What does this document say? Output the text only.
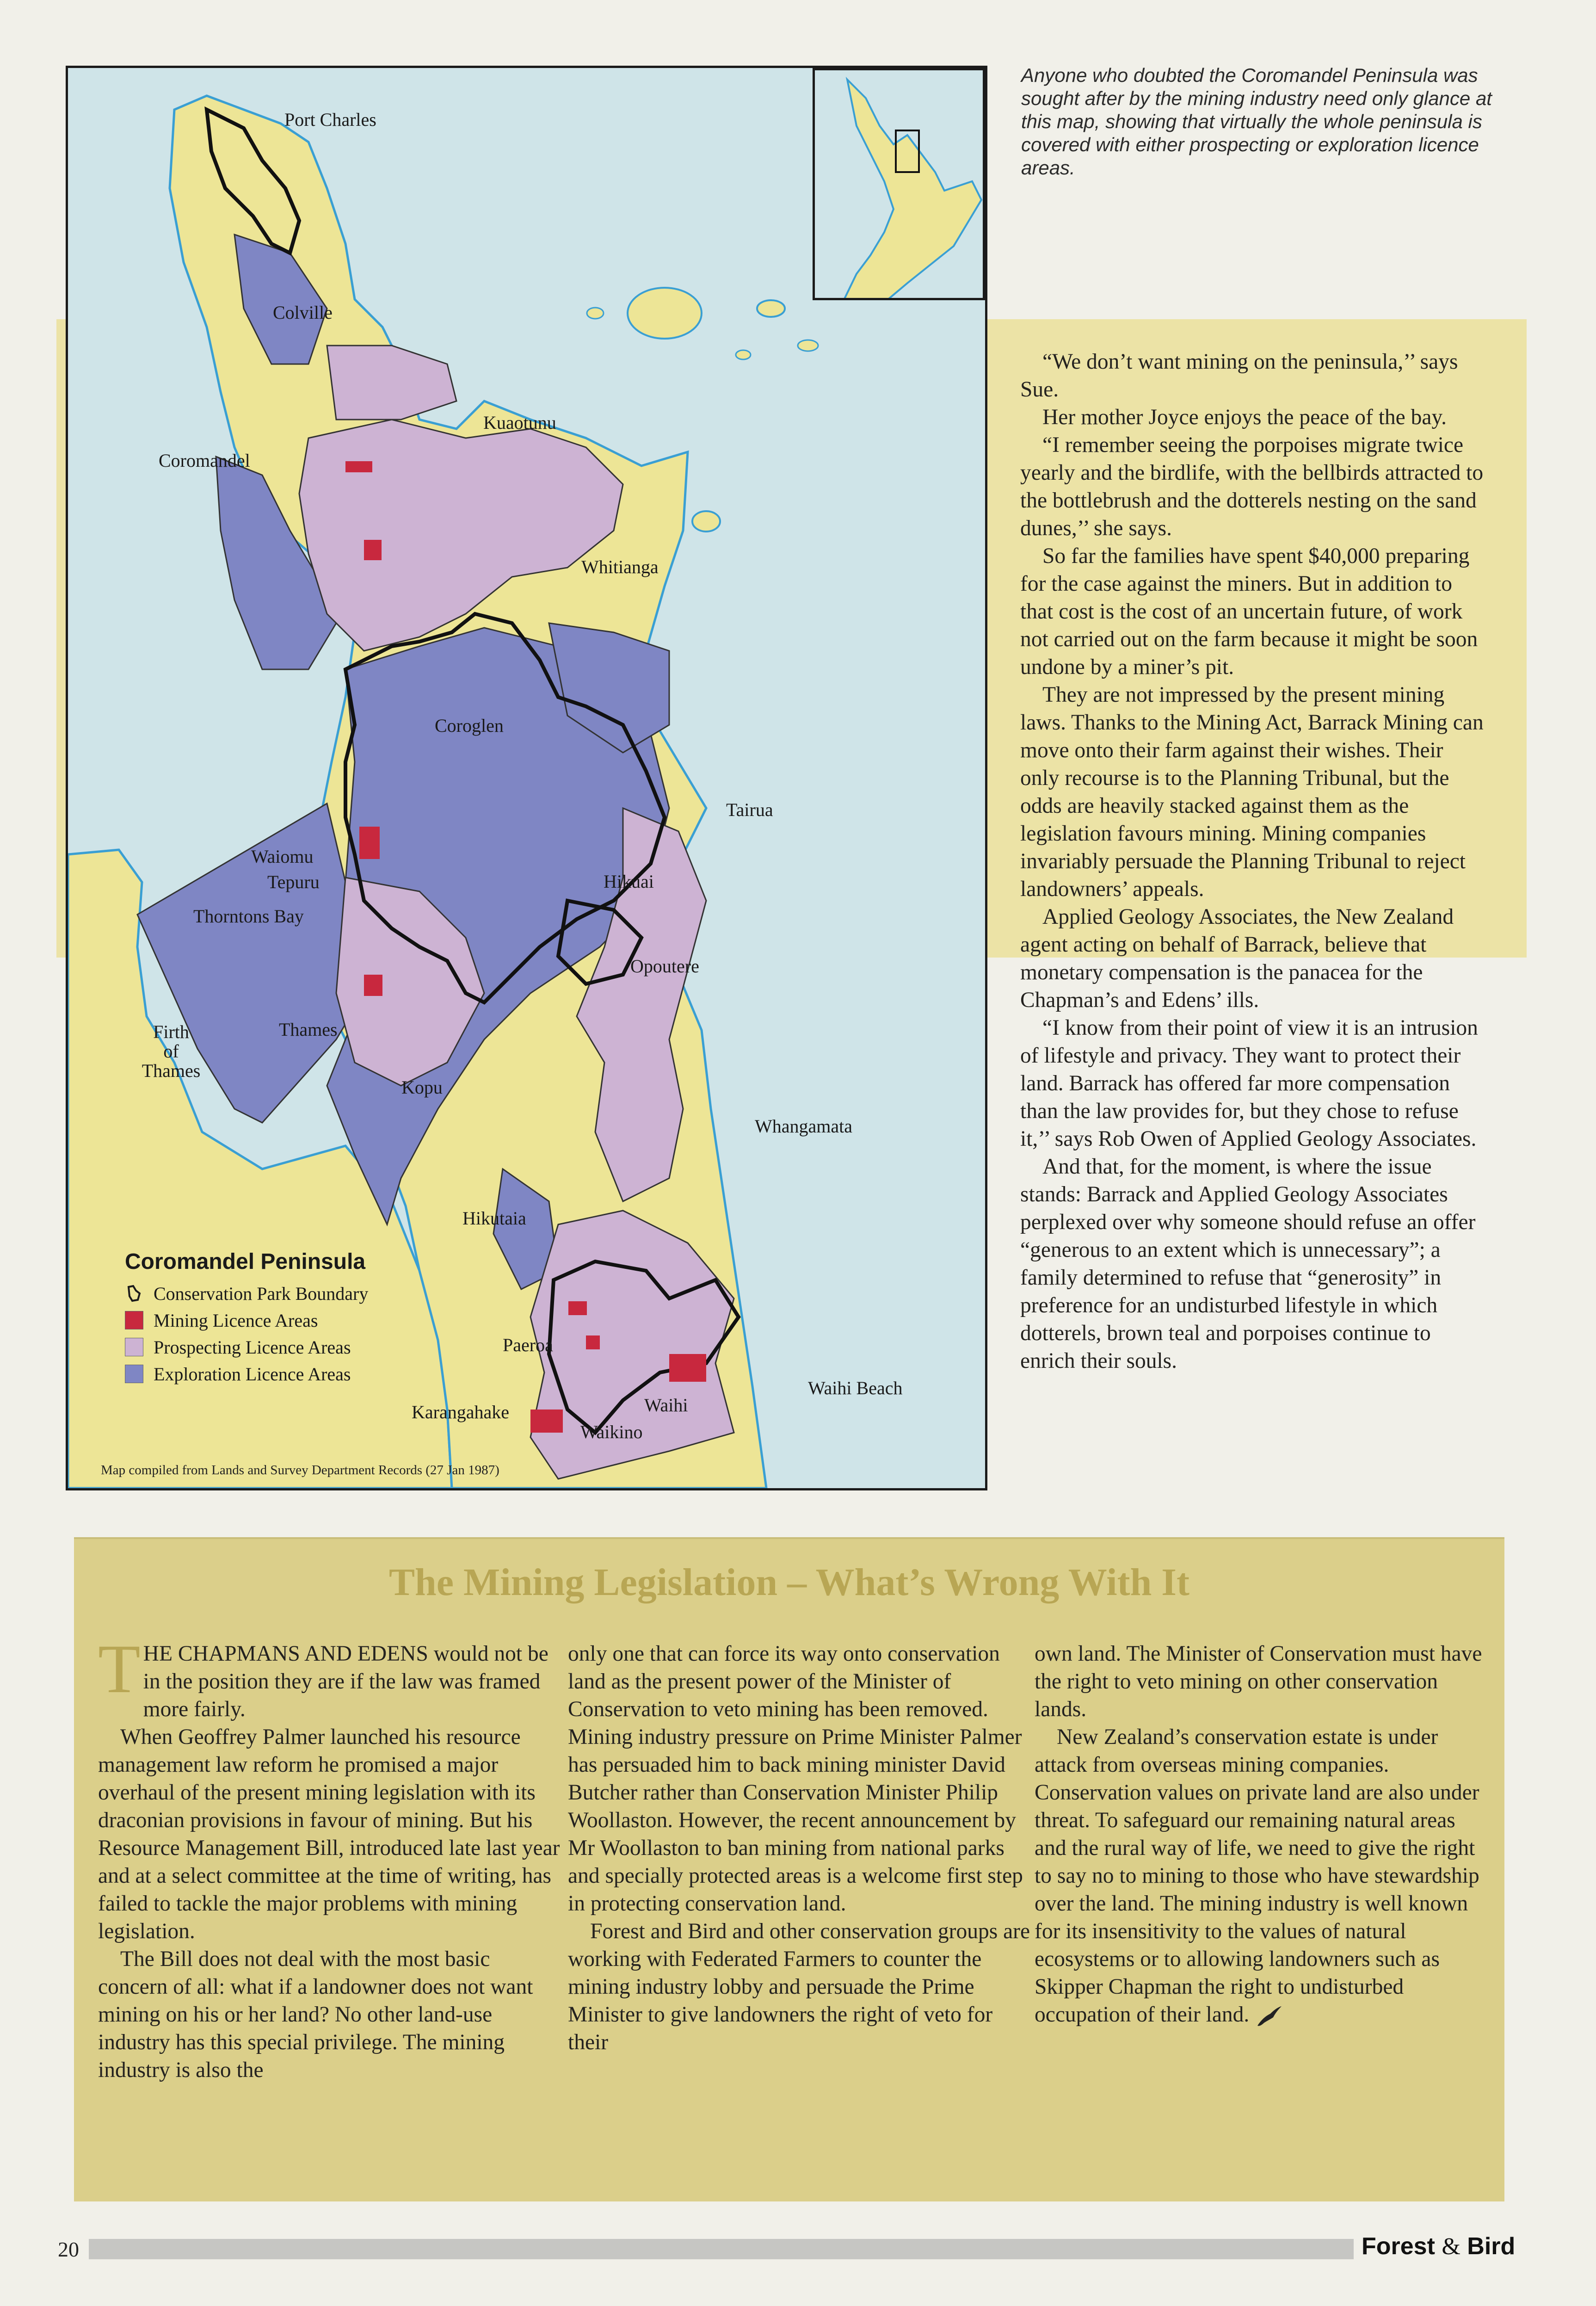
Port Charles
Colville
Kuaotunu
Coromandel
Whitianga
Coroglen
Tairua
Waiomu
Tepuru	Hikuai
Thorntons Bay
Opoutere
Firth
of
Thames
Thames
Kopu
Whangamata
Hikutaia
Paeroa
Waihi Beach
Waihi
Karangahake
Waikino
Coromandel Peninsula
Conservation Park Boundary
Mining Licence Areas
Prospecting Licence Areas
Exploration Licence Areas
Map compiled from Lands and Survey Department Records (27 Jan 1987)
Anyone who doubted the Coromandel Peninsula was sought after by the mining industry need only glance at this map, showing that virtually the whole peninsula is covered with either prospecting or exploration licence areas.

“We don’t want mining on the peninsula,’’ says Sue.

Her mother Joyce enjoys the peace of the bay.

“I remember seeing the porpoises migrate twice yearly and the birdlife, with the bellbirds attracted to the bottlebrush and the dotterels nesting on the sand dunes,’’ she says.

So far the families have spent $40,000 preparing for the case against the miners. But in addition to that cost is the cost of an uncertain future, of work not carried out on the farm because it might be soon undone by a miner’s pit.

They are not impressed by the present mining laws. Thanks to the Mining Act, Barrack Mining can move onto their farm against their wishes. Their only recourse is to the Planning Tribunal, but the odds are heavily stacked against them as the legislation favours mining. Mining companies invariably persuade the Planning Tribunal to reject landowners’ appeals.

Applied Geology Associates, the New Zealand agent acting on behalf of Barrack, believe that monetary compensation is the panacea for the Chapman’s and Edens’ ills.

“I know from their point of view it is an intrusion of lifestyle and privacy. They want to protect their land. Barrack has offered far more compensation than the law provides for, but they chose to refuse it,’’ says Rob Owen of Applied Geology Associates.

And that, for the moment, is where the issue stands: Barrack and Applied Geology Associates perplexed over why someone should refuse an offer “generous to an extent which is unnecessary”; a family determined to refuse that “generosity” in preference for an undisturbed lifestyle in which dotterels, brown teal and porpoises continue to enrich their souls.

The Mining Legislation – What’s Wrong With It

THE CHAPMANS AND EDENS would not be in the position they are if the law was framed more fairly.

When Geoffrey Palmer launched his resource management law reform he promised a major overhaul of the present mining legislation with its draconian provisions in favour of mining. But his Resource Management Bill, introduced late last year and at a select committee at the time of writing, has failed to tackle the major problems with mining legislation.

The Bill does not deal with the most basic concern of all: what if a landowner does not want mining on his or her land? No other land-use industry has this special privilege. The mining industry is also the

only one that can force its way onto conservation land as the present power of the Minister of Conservation to veto mining has been removed. Mining industry pressure on Prime Minister Palmer has persuaded him to back mining minister David Butcher rather than Conservation Minister Philip Woollaston. However, the recent announcement by Mr Woollaston to ban mining from national parks and specially protected areas is a welcome first step in protecting conservation land.

Forest and Bird and other conservation groups are working with Federated Farmers to counter the mining industry lobby and persuade the Prime Minister to give landowners the right of veto for their

own land. The Minister of Conservation must have the right to veto mining on other conservation lands.

New Zealand’s conservation estate is under attack from overseas mining companies. Conservation values on private land are also under threat. To safeguard our remaining natural areas and the rural way of life, we need to give the right to say no to mining to those who have stewardship over the land. The mining industry is well known for its insensitivity to the values of natural ecosystems or to allowing landowners such as Skipper Chapman the right to undisturbed occupation of their land.

20	Forest & Bird
